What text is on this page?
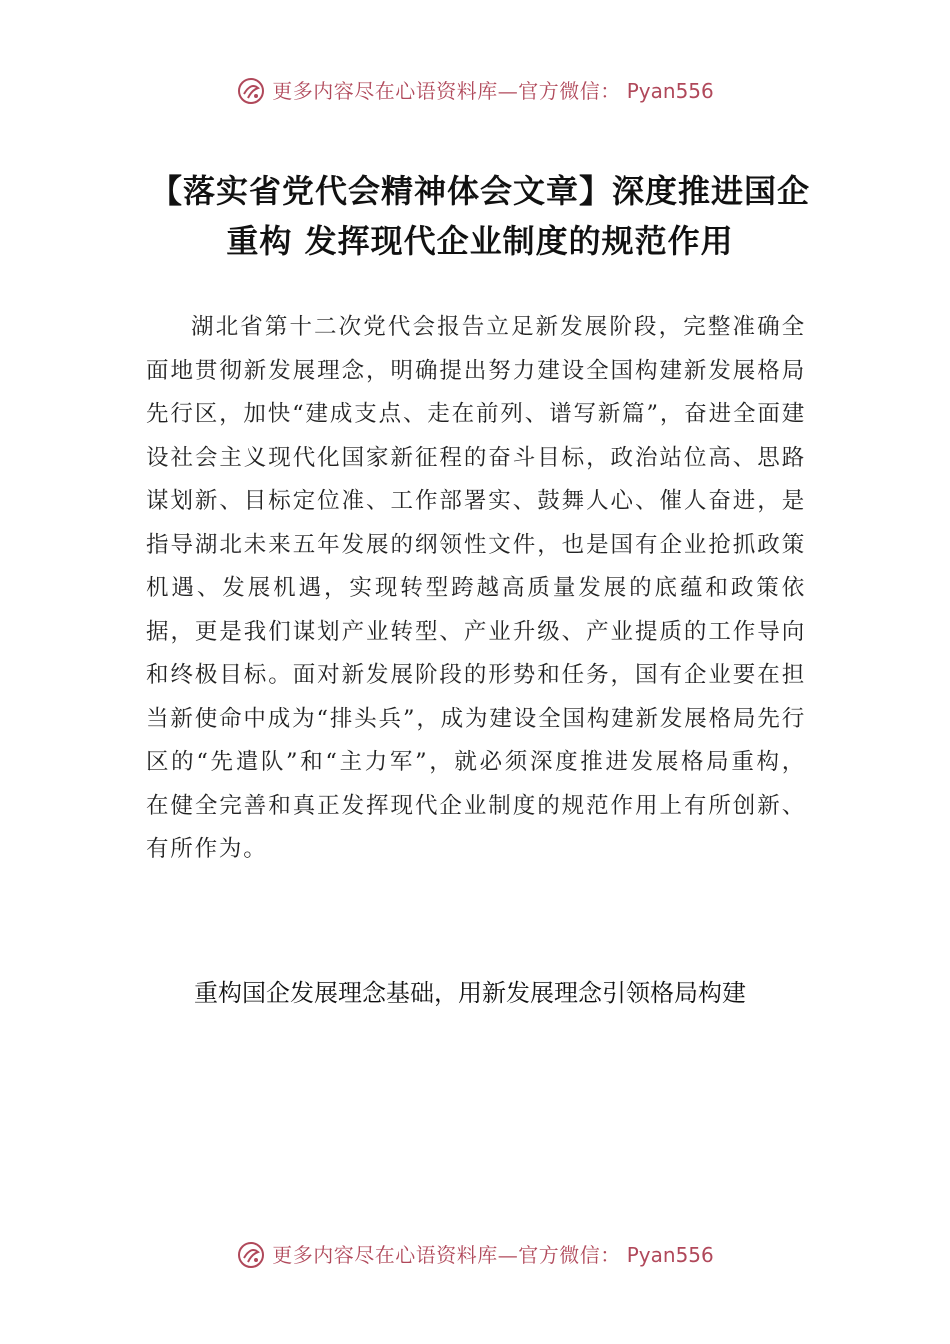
更多内容尽在心语资料库—官方微信： Pyan556
【落实省党代会精神体会文章】深度推进国企重构 发挥现代企业制度的规范作用

湖北省第十二次党代会报告立足新发展阶段，完整准确全面地贯彻新发展理念，明确提出努力建设全国构建新发展格局先行区，加快“建成支点、走在前列、谱写新篇”，奋进全面建设社会主义现代化国家新征程的奋斗目标，政治站位高、思路谋划新、目标定位准、工作部署实、鼓舞人心、催人奋进，是指导湖北未来五年发展的纲领性文件，也是国有企业抢抓政策机遇、发展机遇，实现转型跨越高质量发展的底蕴和政策依据，更是我们谋划产业转型、产业升级、产业提质的工作导向和终极目标。面对新发展阶段的形势和任务，国有企业要在担当新使命中成为“排头兵”，成为建设全国构建新发展格局先行区的“先遣队”和“主力军”，就必须深度推进发展格局重构，在健全完善和真正发挥现代企业制度的规范作用上有所创新、有所作为。

重构国企发展理念基础，用新发展理念引领格局构建

更多内容尽在心语资料库—官方微信： Pyan556
